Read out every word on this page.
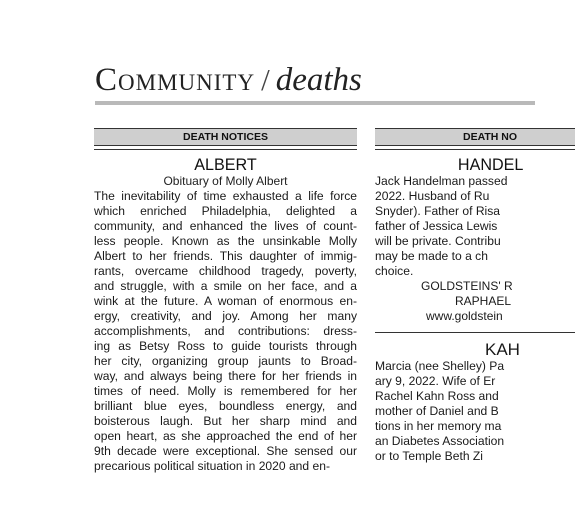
Community / deaths
DEATH NOTICES
ALBERT
Obituary of Molly Albert
The inevitability of time exhausted a life force
which enriched Philadelphia, delighted a
community, and enhanced the lives of count-
less people. Known as the unsinkable Molly
Albert to her friends. This daughter of immig-
rants, overcame childhood tragedy, poverty,
and struggle, with a smile on her face, and a
wink at the future. A woman of enormous en-
ergy, creativity, and joy. Among her many
accomplishments, and contributions: dress-
ing as Betsy Ross to guide tourists through
her city, organizing group jaunts to Broad-
way, and always being there for her friends in
times of need. Molly is remembered for her
brilliant blue eyes, boundless energy, and
boisterous laugh. But her sharp mind and
open heart, as she approached the end of her
9th decade were exceptional. She sensed our
precarious political situation in 2020 and en-
DEATH NO
HANDEL
Jack Handelman passed
2022. Husband of Ru
Snyder). Father of Risa
father of Jessica Lewis
will be private. Contribu
may be made to a ch
choice.
GOLDSTEINS' R
RAPHAEL
www.goldstein
KAH
Marcia (nee Shelley) Pa
ary 9, 2022. Wife of Er
Rachel Kahn Ross and
mother of Daniel and B
tions in her memory ma
an Diabetes Association
or to Temple Beth Zi
